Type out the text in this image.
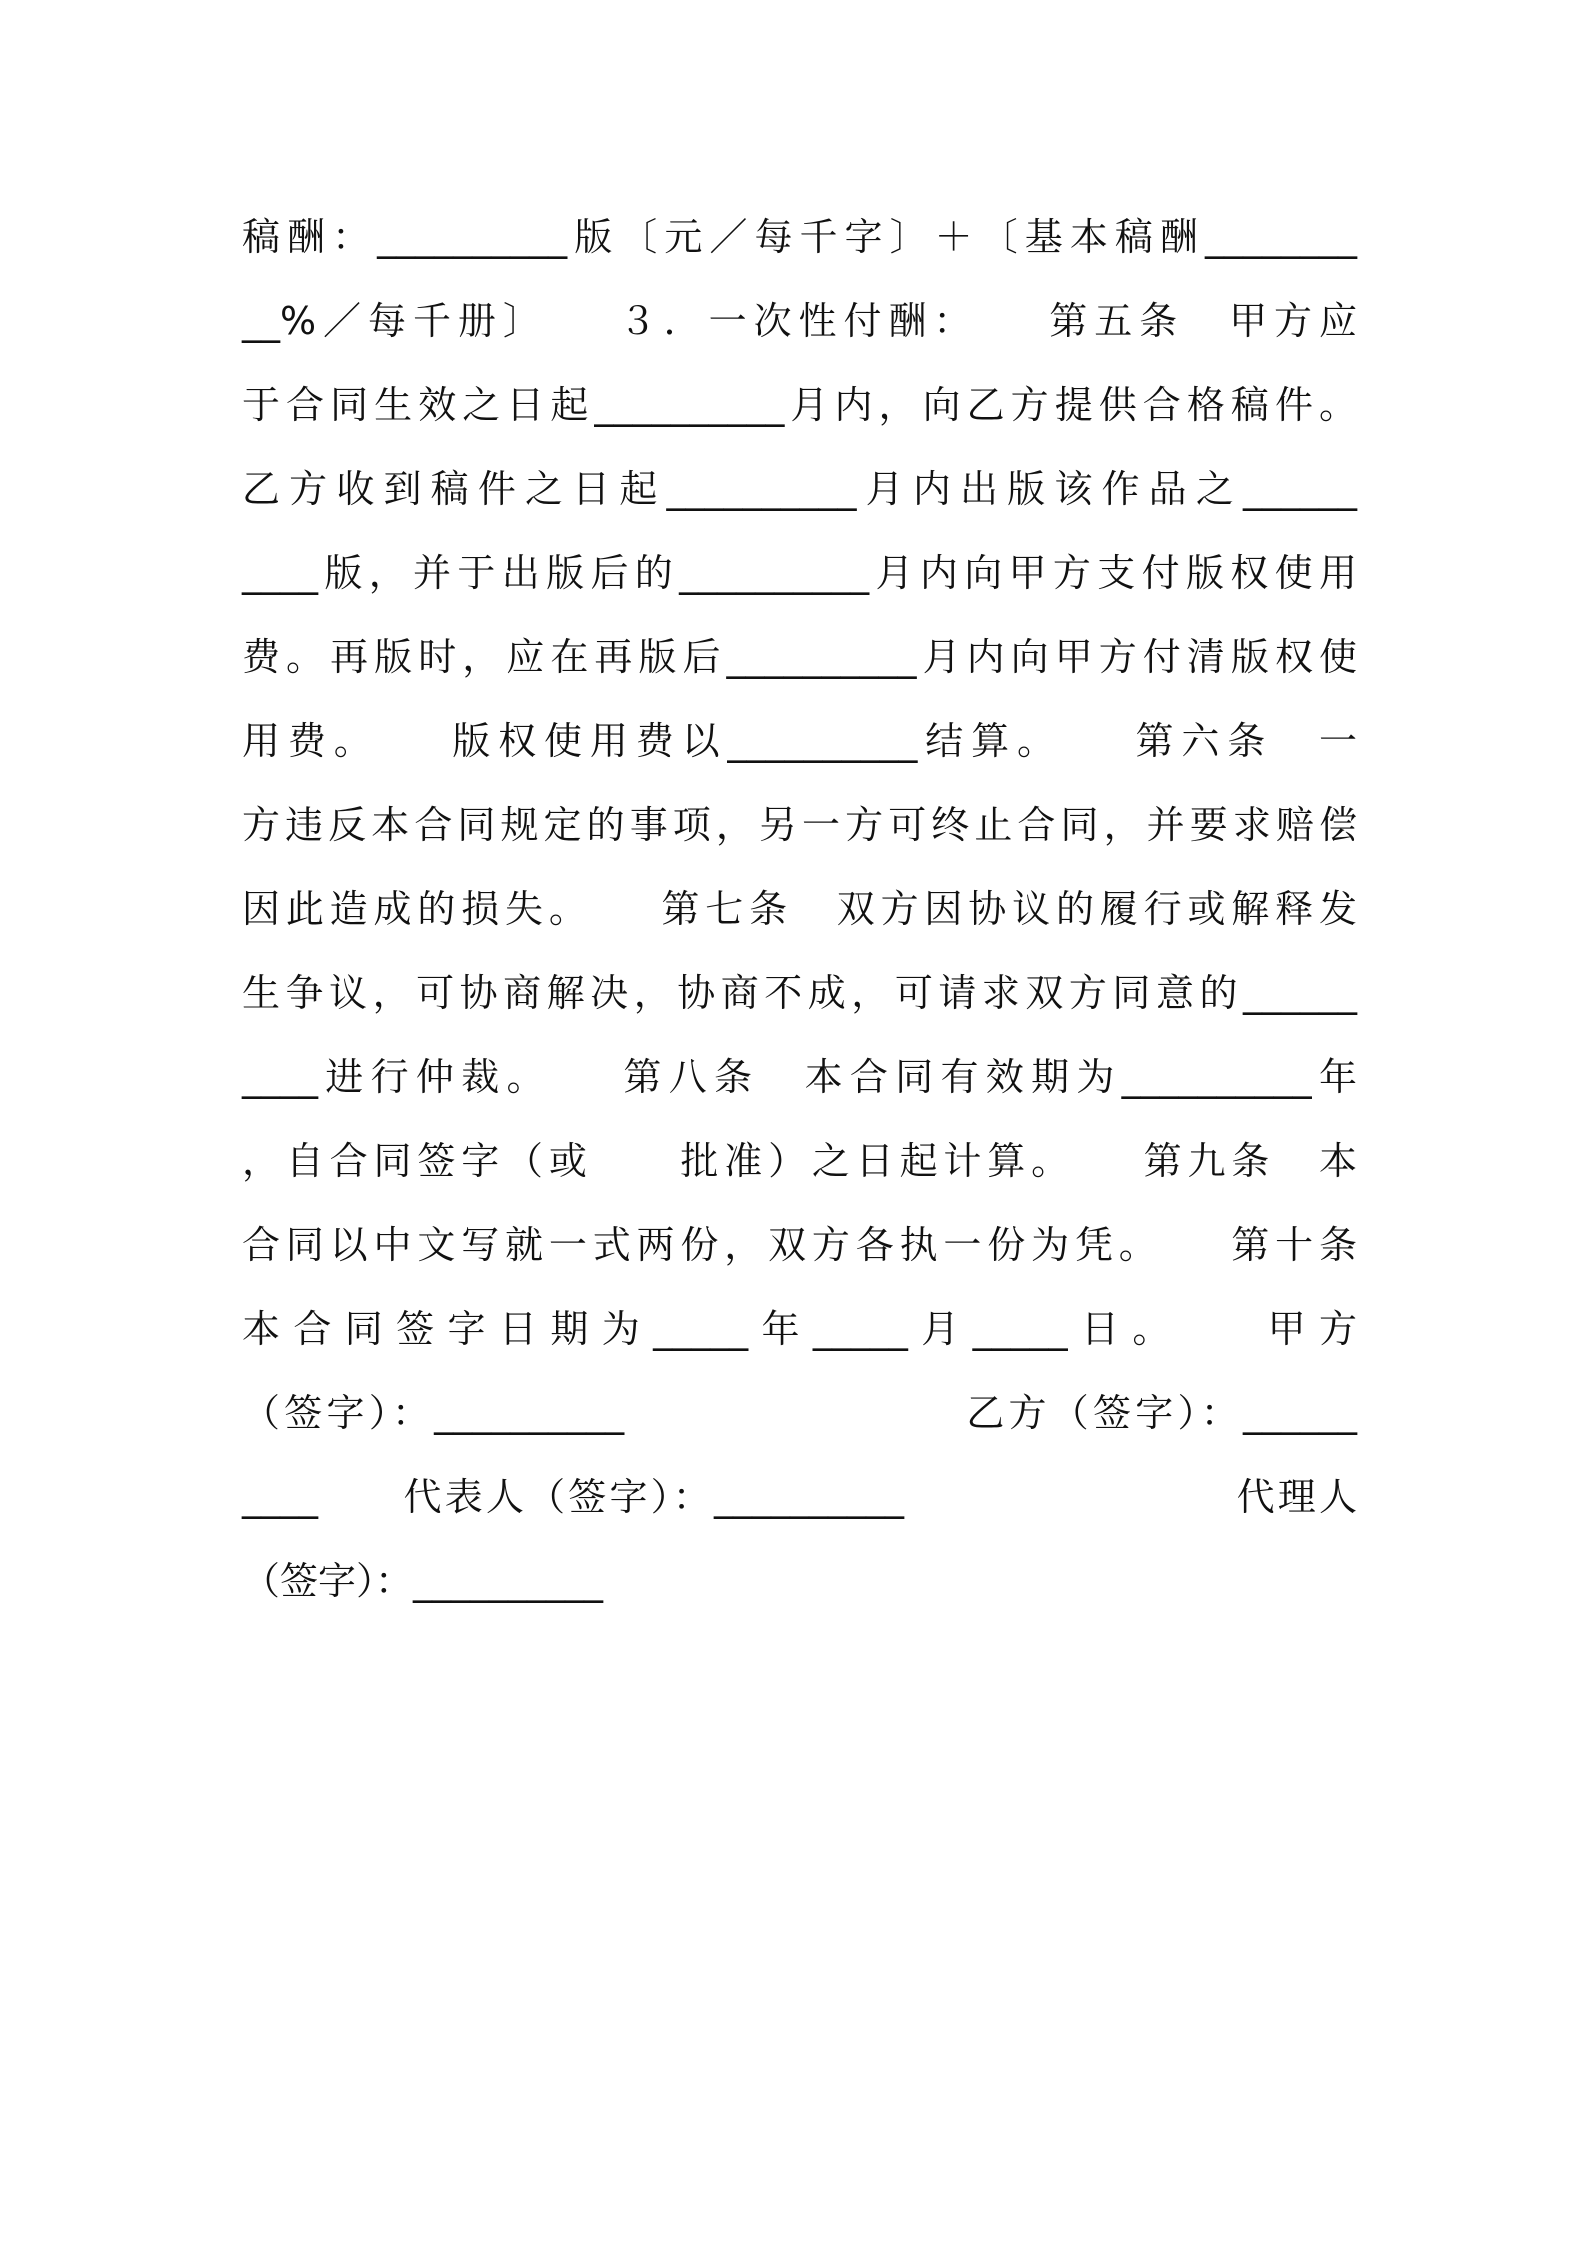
稿酬：__________版〔元／每千字〕＋〔基本稿酬________
__%／每千册〕　　３．一次性付酬：　　第五条　甲方应
于合同生效之日起__________月内，向乙方提供合格稿件。
乙方收到稿件之日起__________月内出版该作品之______
____版，并于出版后的__________月内向甲方支付版权使用
费。再版时，应在再版后__________月内向甲方付清版权使
用费。　　版权使用费以__________结算。　　第六条　一
方违反本合同规定的事项，另一方可终止合同，并要求赔偿
因此造成的损失。　　第七条　双方因协议的履行或解释发
生争议，可协商解决，协商不成，可请求双方同意的______
____进行仲裁。　　第八条　本合同有效期为__________年
，自合同签字（或　　批准）之日起计算。　　第九条　本
合同以中文写就一式两份，双方各执一份为凭。　　第十条
本合同签字日期为_____年_____月_____日。　　甲方
（签字）：__________　　　　　　　　乙方（签字）：______
____　　代表人（签字）：__________　　　　　　　　代理人
（签字）：__________
